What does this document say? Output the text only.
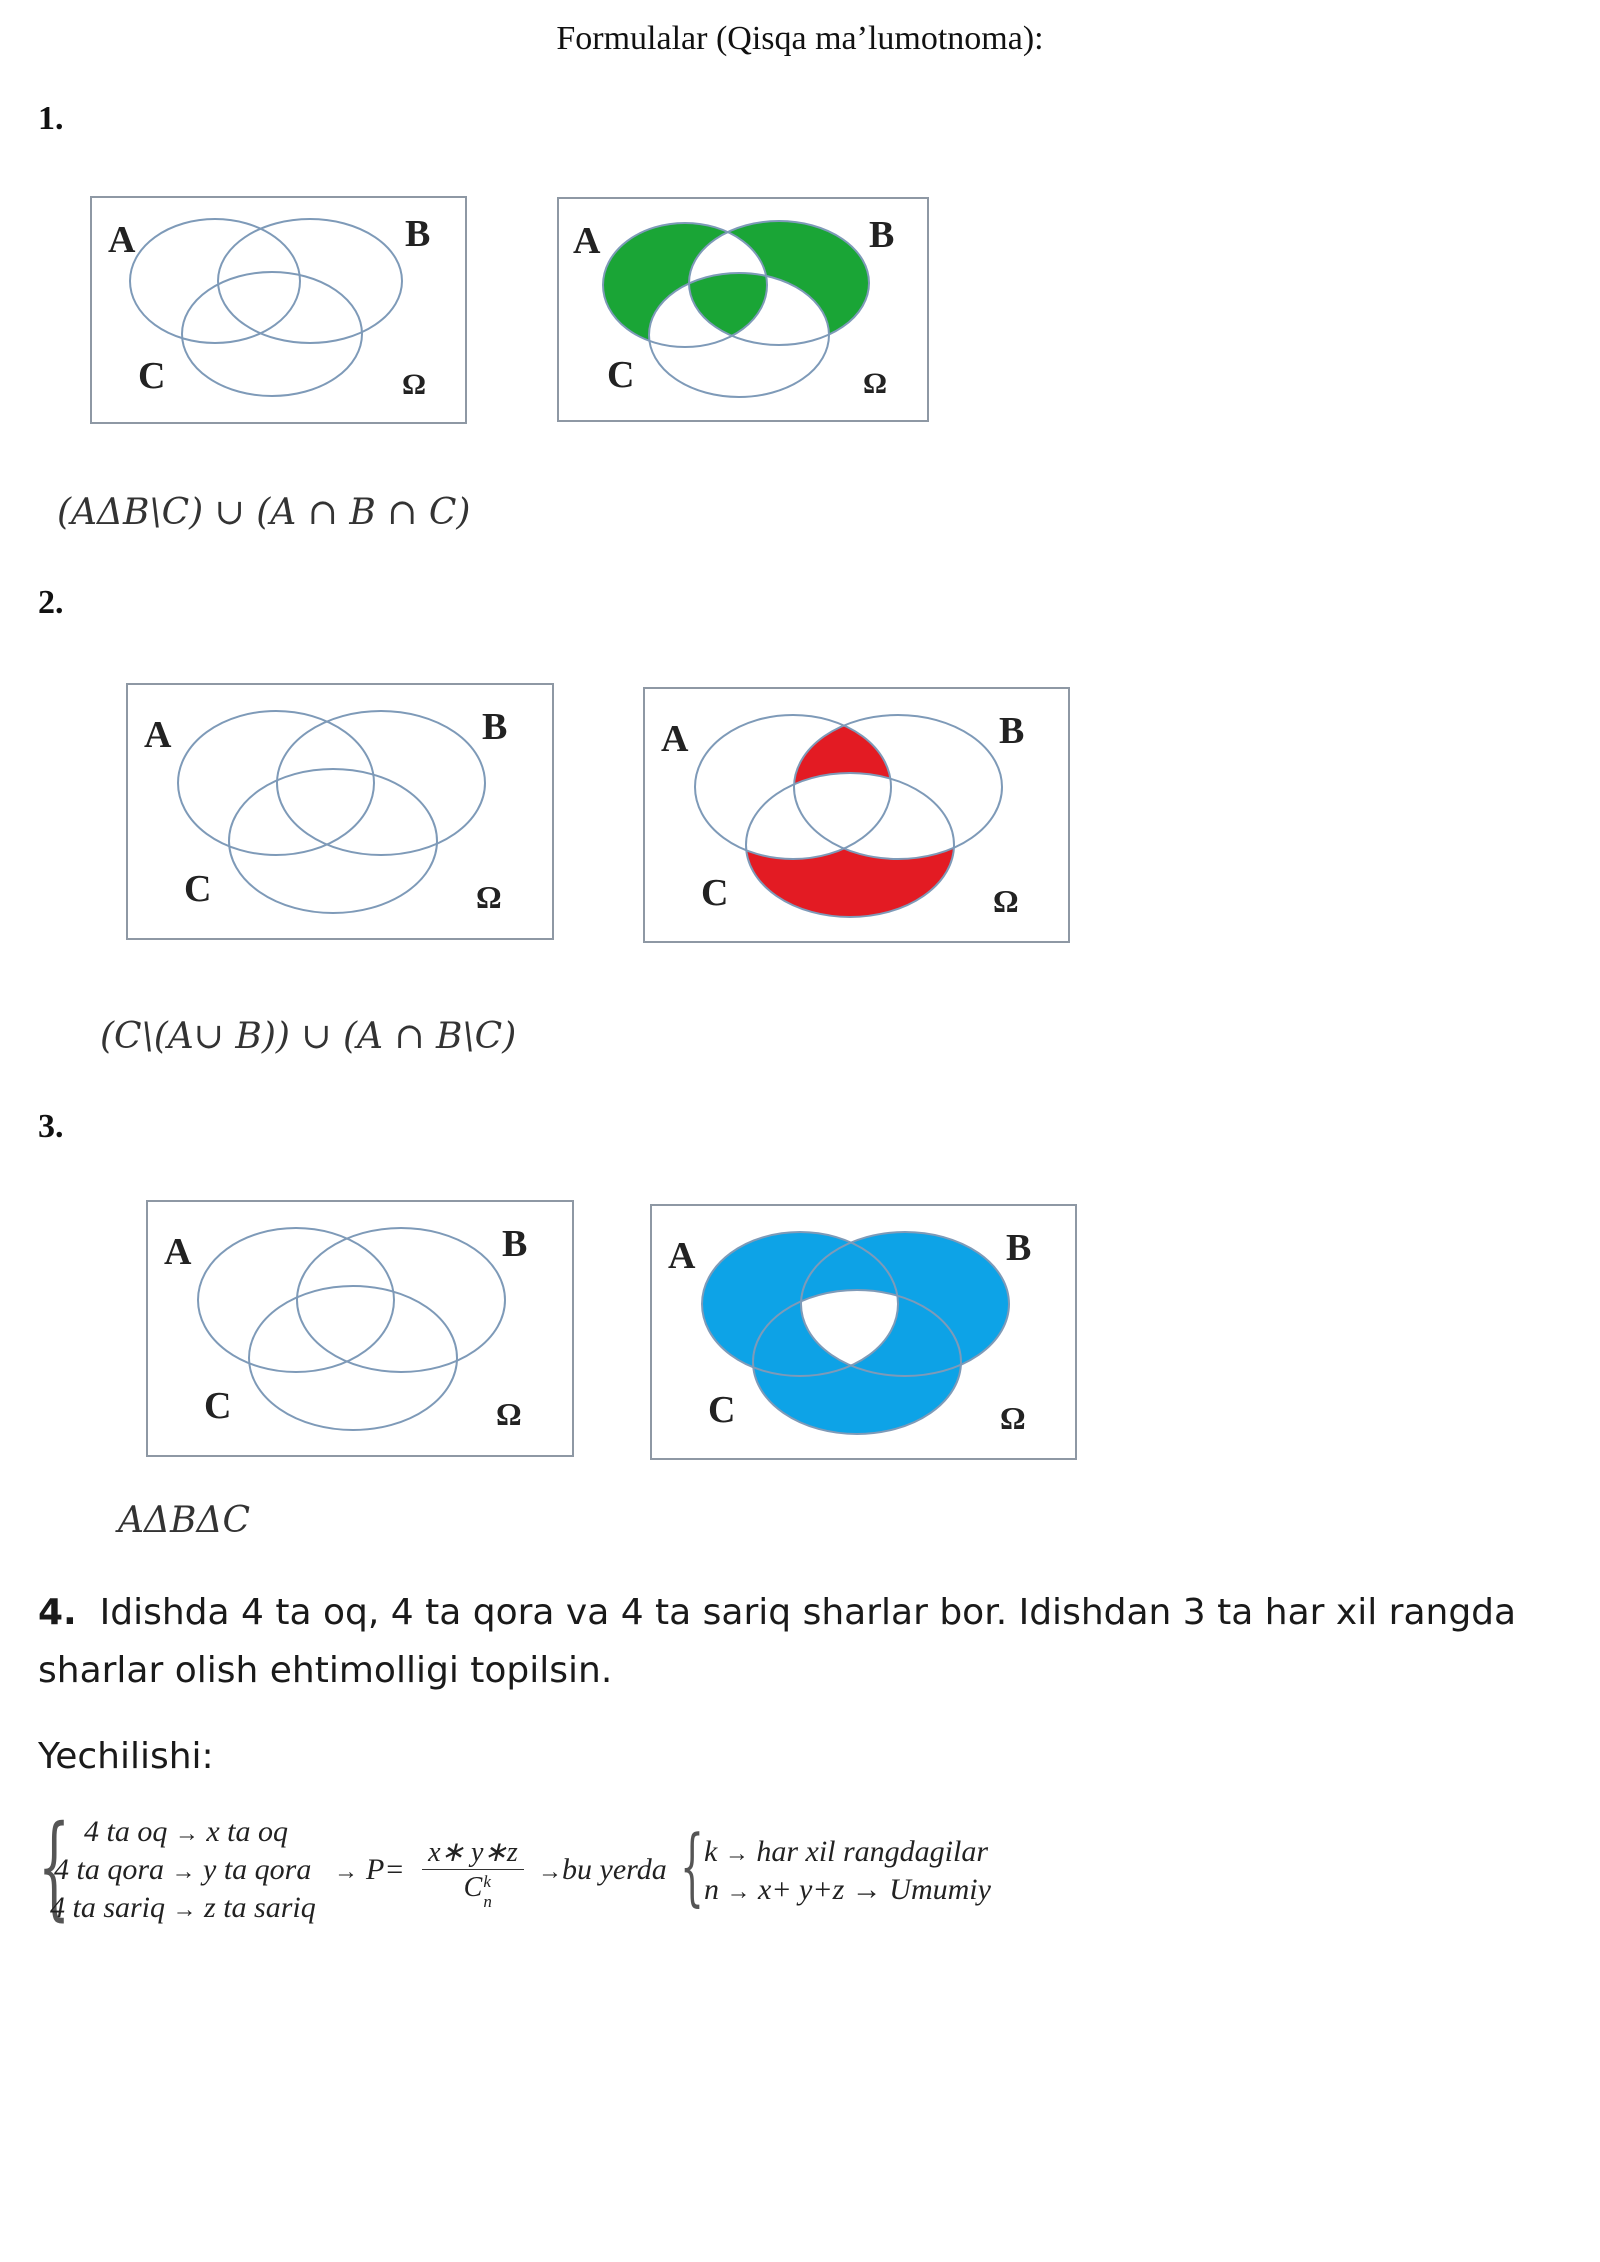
Formulalar (Qisqa ma’lumotnoma):
1.
A	B
C	Ω
A	B
C	Ω
(AΔB\C) ∪ (A ∩ B ∩ C)
2.
A	B
C	Ω
A	B
C	Ω
(C\(A∪ B)) ∪ (A ∩ B\C)
3.
A	B
C	Ω
A	B
C	Ω
AΔBΔC
4. Idishda 4 ta oq, 4 ta qora va 4 ta sariq sharlar bor. Idishdan 3 ta har xil rangda
sharlar olish ehtimolligi topilsin.
Yechilishi:
{ 4 ta oq → x ta oq
4 ta qora → y ta qora
4 ta sariq → z ta sariq
→ P=
x∗ y∗z
C k
n
→ bu yerda { k → har xil rangdagilar
n → x+ y+z → Umumiy
